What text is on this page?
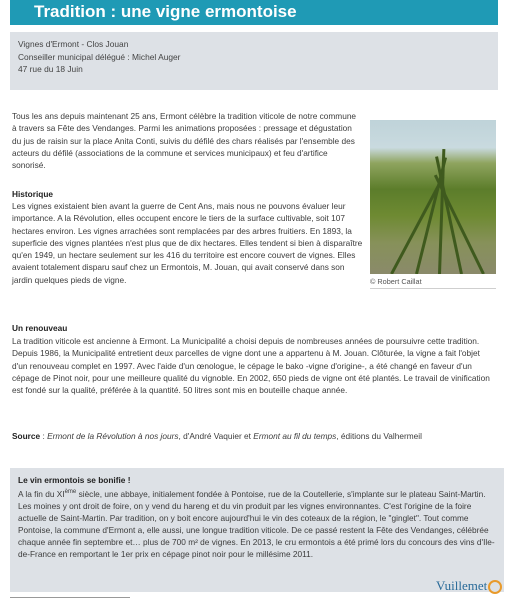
Tradition : une vigne ermontoise
Vignes d'Ermont - Clos Jouan
Conseiller municipal délégué : Michel Auger
47 rue du 18 Juin
Tous les ans depuis maintenant 25 ans, Ermont célèbre la tradition viticole de notre commune à travers sa Fête des Vendanges. Parmi les animations proposées : pressage et dégustation du jus de raisin sur la place Anita Conti, suivis du défilé des chars réalisés par l'ensemble des acteurs du défilé (associations de la commune et services municipaux) et feu d'artifice sonorisé.
Historique
Les vignes existaient bien avant la guerre de Cent Ans, mais nous ne pouvons évaluer leur importance. A la Révolution, elles occupent encore le tiers de la surface cultivable, soit 107 hectares environ. Les vignes arrachées sont remplacées par des arbres fruitiers. En 1893, la superficie des vignes plantées n'est plus que de dix hectares. Elles tendent si bien à disparaître qu'en 1949, un hectare seulement sur les 416 du territoire est encore couvert de vignes. Elles avaient totalement disparu sauf chez un Ermontois, M. Jouan, qui avait conservé dans son jardin quelques pieds de vigne.	© Robert Caillat
Un renouveau
La tradition viticole est ancienne à Ermont. La Municipalité a choisi depuis de nombreuses années de poursuivre cette tradition. Depuis 1986, la Municipalité entretient deux parcelles de vigne dont une a appartenu à M. Jouan. Clôturée, la vigne a fait l'objet d'un renouveau complet en 1997. Avec l'aide d'un œnologue, le cépage le bako -vigne d'origine-, a été changé en faveur d'un cépage de Pinot noir, pour une meilleure qualité du vignoble. En 2002, 650 pieds de vigne ont été plantés. Le travail de vinification est fondé sur la qualité, préférée à la quantité. 50 litres sont mis en bouteille chaque année.
Source : Ermont de la Révolution à nos jours, d'André Vaquier et Ermont au fil du temps, éditions du Valhermeil
Le vin ermontois se bonifie !

A la fin du XIème siècle, une abbaye, initialement fondée à Pontoise, rue de la Coutellerie, s'implante sur le plateau Saint-Martin. Les moines y ont droit de foire, on y vend du hareng et du vin produit par les vignes environnantes. C'est l'origine de la foire actuelle de Saint-Martin. Par tradition, on y boit encore aujourd'hui le vin des coteaux de la région, le "ginglet". Tout comme Pontoise, la commune d'Ermont a, elle aussi, une longue tradition viticole. De ce passé restent la Fête des Vendanges, célébrée chaque année fin septembre et… plus de 700 m² de vignes. En 2013, le cru ermontois a été primé lors du concours des vins d'Ile-de-France en remportant le 1er prix en cépage pinot noir pour le millésime 2011.

Vuillemet
